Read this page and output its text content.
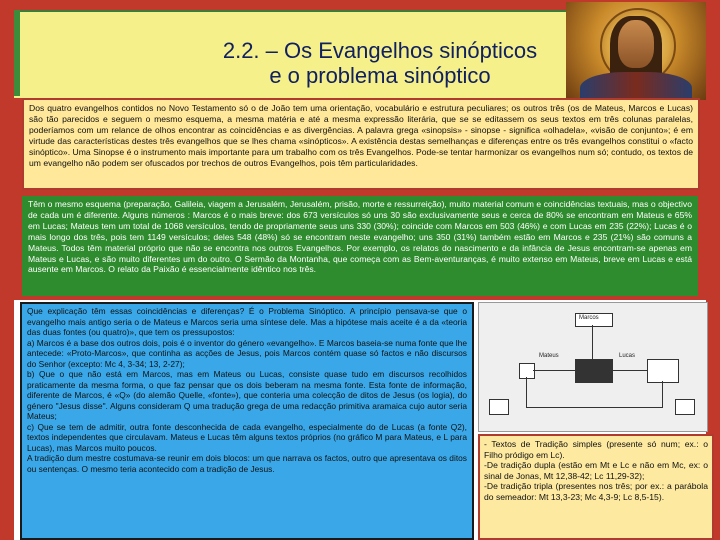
2.2. – Os Evangelhos sinópticos
e o problema sinóptico

Dos quatro evangelhos contidos no Novo Testamento só o de João tem uma orientação, vocabulário e estrutura peculiares; os outros três (os de Mateus, Marcos e Lucas) são tão parecidos e seguem o mesmo esquema, a mesma matéria e até a mesma expressão literária, que se se editassem os seus textos em três colunas paralelas, poderíamos com um relance de olhos encontrar as coincidências e as divergências. A palavra grega «sinopsis» - sinopse - significa «olhadela», «visão de conjunto»; é em virtude das características destes três evangelhos que se lhes chama «sinópticos». A existência destas semelhanças e diferenças entre os três evangelhos constitui o «facto sinóptico». Uma Sinopse é o instrumento mais importante para um trabalho com os três Evangelhos. Pode-se tentar harmonizar os evangelhos num só; contudo, os textos de um evangelho não podem ser ofuscados por trechos de outros Evangelhos, pois têm particularidades.

Têm o mesmo esquema (preparação, Galileia, viagem a Jerusalém, Jerusalém, prisão, morte e ressurreição), muito material comum e coincidências textuais, mas o objectivo de cada um é diferente. Alguns números : Marcos é o mais breve: dos 673 versículos só uns 30 são exclusivamente seus e cerca de 80% se encontram em Mateus e 65% em Lucas; Mateus tem um total de 1068 versículos, tendo de propriamente seus uns 330 (30%); coincide com Marcos em 503 (46%) e com Lucas em 235 (22%); Lucas é o mais longo dos três, pois tem 1149 versículos; deles 548 (48%) só se encontram neste evangelho; uns 350 (31%) também estão em Marcos e 235 (21%) são comuns a Mateus. Todos têm material próprio que não se encontra nos outros Evangelhos. Por exemplo, os relatos do nascimento e da infância de Jesus encontram-se apenas em Mateus e Lucas, e são muito diferentes um do outro. O Sermão da Montanha, que começa com as Bem-aventuranças, é muito extenso em Mateus, breve em Lucas e está ausente em Marcos. O relato da Paixão é essencialmente idêntico nos três.

Que explicação têm essas coincidências e diferenças? É o Problema Sinóptico. A princípio pensava-se que o evangelho mais antigo seria o de Mateus e Marcos seria uma síntese dele. Mas a hipótese mais aceite é a da «teoria das duas fontes (ou quatro)», que tem os pressupostos:

a) Marcos é a base dos outros dois, pois é o inventor do género «evangelho». E Marcos baseia-se numa fonte que lhe antecede: «Proto-Marcos», que continha as acções de Jesus, pois Marcos contém quase só factos e não discursos do Senhor (excepto: Mc 4, 3-34; 13, 2-27);

b) Que o que não está em Marcos, mas em Mateus ou Lucas, consiste quase tudo em discursos recolhidos praticamente da mesma forma, o que faz pensar que os dois beberam na mesma fonte. Esta fonte de informação, diferente de Marcos, é «Q» (do alemão Quelle, «fonte»), que conteria uma colecção de ditos de Jesus (os logia), do género "Jesus disse". Alguns consideram Q uma tradução grega de uma redacção primitiva aramaica cujo autor seria Mateus;

c) Que se tem de admitir, outra fonte desconhecida de cada evangelho, especialmente do de Lucas (a fonte Q2), textos independentes que circulavam. Mateus e Lucas têm alguns textos próprios (no gráfico M para Mateus, e L para Lucas), mas Marcos muito poucos.

A tradição dum mestre costumava-se reunir em dois blocos: um que narrava os factos, outro que apresentava os ditos ou sentenças. O mesmo teria acontecido com a tradição de Jesus.

Marcos
Mateus	Lucas

- Textos de Tradição simples (presente só num; ex.: o Filho pródigo em Lc).

-De tradição dupla (estão em Mt e Lc e não em Mc, ex: o sinal de Jonas, Mt 12,38-42; Lc 11,29-32);

-De tradição tripla (presentes nos três; por ex.: a parábola do semeador: Mt 13,3-23; Mc 4,3-9; Lc 8,5-15).
